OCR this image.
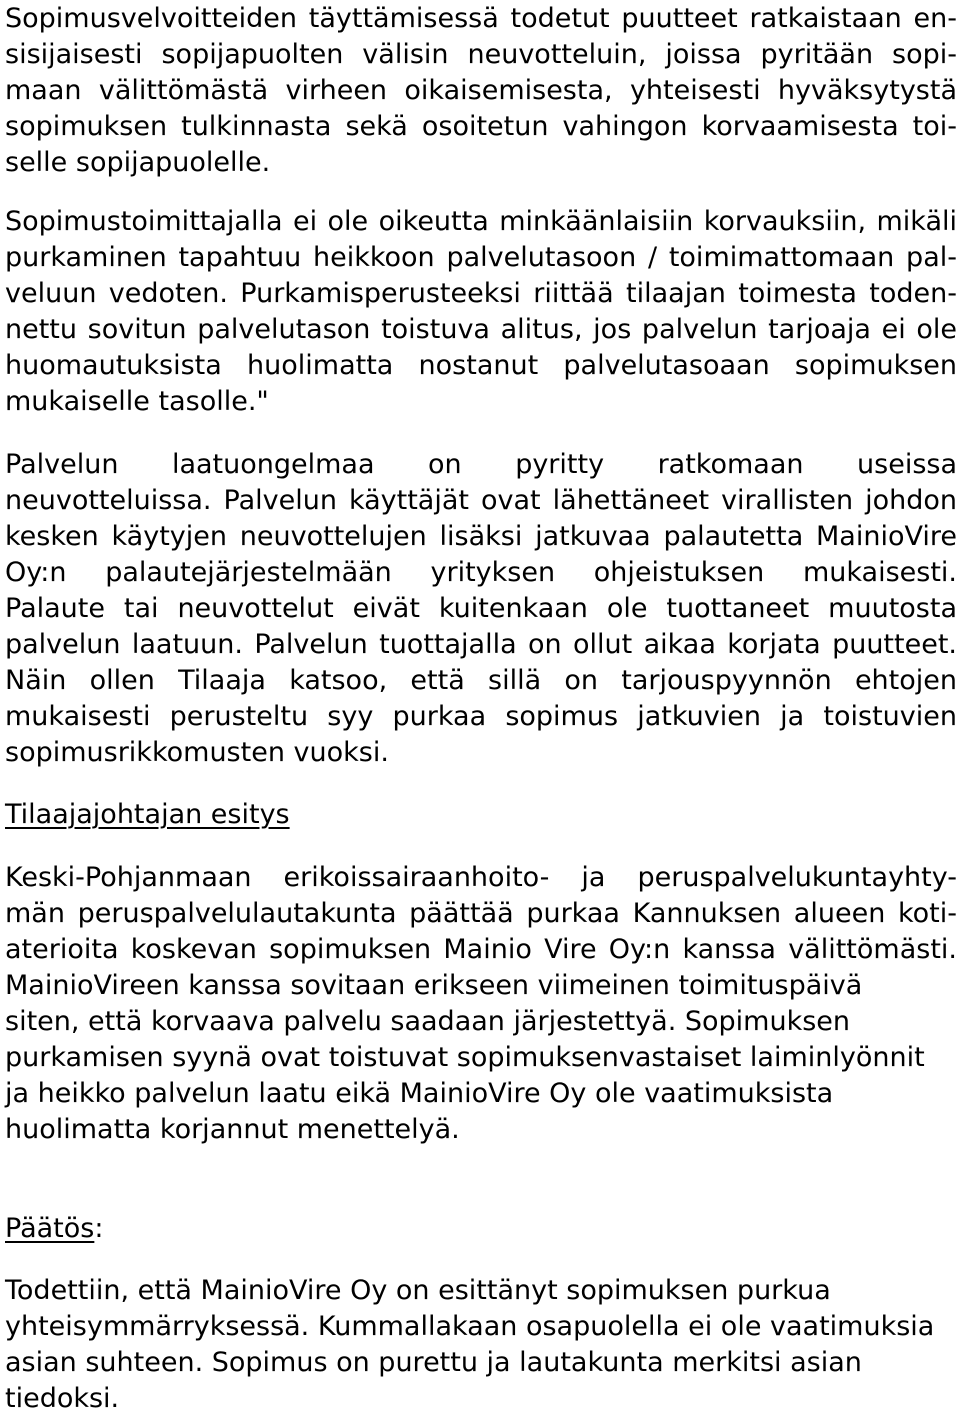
Sopimusvelvoitteiden täyttämisessä todetut puutteet ratkaistaan en-
sisijaisesti sopijapuolten välisin neuvotteluin, joissa pyritään sopi-
maan välittömästä virheen oikaisemisesta, yhteisesti hyväksytystä
sopimuksen tulkinnasta sekä osoitetun vahingon korvaamisesta toi-
selle sopijapuolelle.
Sopimustoimittajalla ei ole oikeutta minkäänlaisiin korvauksiin, mikäli
purkaminen tapahtuu heikkoon palvelutasoon / toimimattomaan pal-
veluun vedoten. Purkamisperusteeksi riittää tilaajan toimesta toden-
nettu sovitun palvelutason toistuva alitus, jos palvelun tarjoaja ei ole
huomautuksista huolimatta nostanut palvelutasoaan sopimuksen
mukaiselle tasolle."
Palvelun laatuongelmaa on pyritty ratkomaan useissa
neuvotteluissa. Palvelun käyttäjät ovat lähettäneet virallisten johdon
kesken käytyjen neuvottelujen lisäksi jatkuvaa palautetta MainioVire
Oy:n palautejärjestelmään yrityksen ohjeistuksen mukaisesti.
Palaute tai neuvottelut eivät kuitenkaan ole tuottaneet muutosta
palvelun laatuun. Palvelun tuottajalla on ollut aikaa korjata puutteet.
Näin ollen Tilaaja katsoo, että sillä on tarjouspyynnön ehtojen
mukaisesti perusteltu syy purkaa sopimus jatkuvien ja toistuvien
sopimusrikkomusten vuoksi.
Tilaajajohtajan esitys
Keski-Pohjanmaan erikoissairaanhoito- ja peruspalvelukuntayhty-
män peruspalvelulautakunta päättää purkaa Kannuksen alueen koti-
aterioita koskevan sopimuksen Mainio Vire Oy:n kanssa välittömästi.
MainioVireen kanssa sovitaan erikseen viimeinen toimituspäivä
siten, että korvaava palvelu saadaan järjestettyä. Sopimuksen
purkamisen syynä ovat toistuvat sopimuksenvastaiset laiminlyönnit
ja heikko palvelun laatu eikä MainioVire Oy ole vaatimuksista
huolimatta korjannut menettelyä.
Päätös:
Todettiin, että MainioVire Oy on esittänyt sopimuksen purkua
yhteisymmärryksessä. Kummallakaan osapuolella ei ole vaatimuksia
asian suhteen. Sopimus on purettu ja lautakunta merkitsi asian
tiedoksi.
